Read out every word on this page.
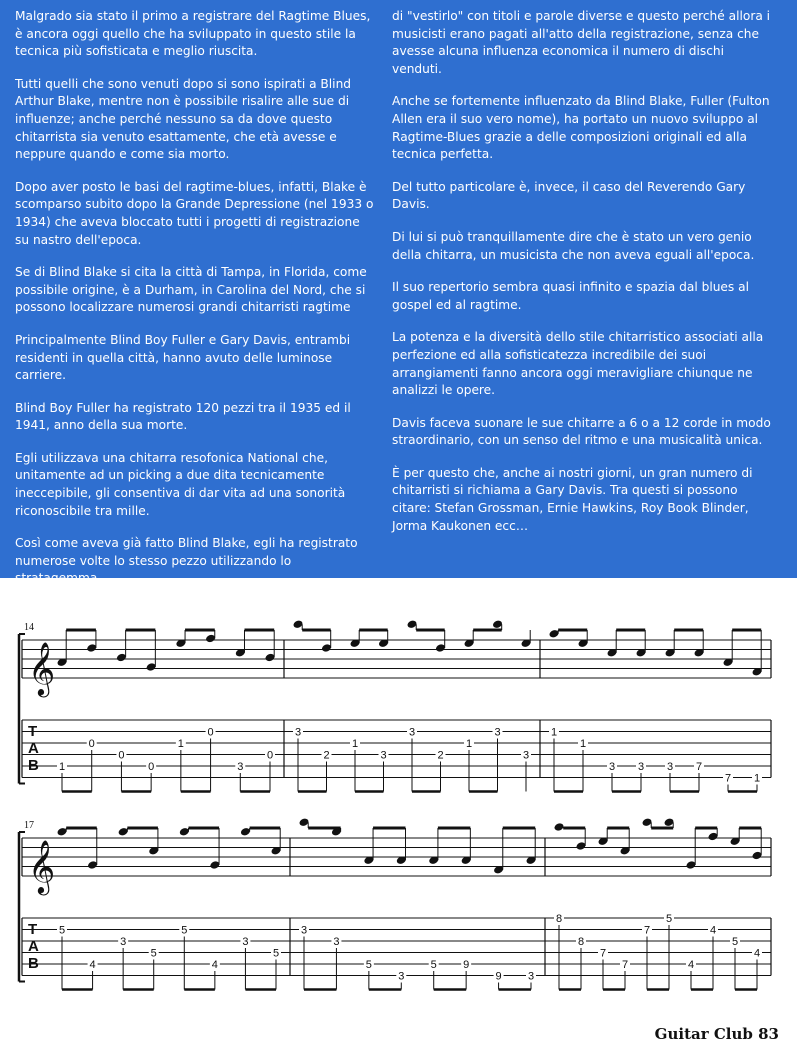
Malgrado sia stato il primo a registrare del Ragtime Blues, è ancora oggi quello che ha sviluppato in questo stile la tecnica più sofisticata e meglio riuscita.

Tutti quelli che sono venuti dopo si sono ispirati a Blind Arthur Blake, mentre non è possibile risalire alle sue di influenze; anche perché nessuno sa da dove questo chitarrista sia venuto esattamente, che età avesse e neppure quando e come sia morto.

Dopo aver posto le basi del ragtime-blues, infatti, Blake è scomparso subito dopo la Grande Depressione (nel 1933 o 1934) che aveva bloccato tutti i progetti di registrazione su nastro dell'epoca.

Se di Blind Blake si cita la città di Tampa, in Florida, come possibile origine, è a Durham, in Carolina del Nord, che si possono localizzare numerosi grandi chitarristi ragtime

Principalmente Blind Boy Fuller e Gary Davis, entrambi residenti in quella città, hanno avuto delle luminose carriere.

Blind Boy Fuller ha registrato 120 pezzi tra il 1935 ed il 1941, anno della sua morte.

Egli utilizzava una chitarra resofonica National che, unitamente ad un picking a due dita tecnicamente ineccepibile, gli consentiva di dar vita ad una sonorità riconoscibile tra mille.

Così come aveva già fatto Blind Blake, egli ha registrato numerose volte lo stesso pezzo utilizzando lo stratagemma

di "vestirlo" con titoli e parole diverse e questo perché allora i musicisti erano pagati all'atto della registrazione, senza che avesse alcuna influenza economica il numero di dischi venduti.

Anche se fortemente influenzato da Blind Blake, Fuller (Fulton Allen era il suo vero nome), ha portato un nuovo sviluppo al Ragtime-Blues grazie a delle composizioni originali ed alla tecnica perfetta.

Del tutto particolare è, invece, il caso del Reverendo Gary Davis.

Di lui si può tranquillamente dire che è stato un vero genio della chitarra, un musicista che non aveva eguali all'epoca.

Il suo repertorio sembra quasi infinito e spazia dal blues al gospel ed al ragtime.

La potenza e la diversità dello stile chitarristico associati alla perfezione ed alla sofisticatezza incredibile dei suoi arrangiamenti fanno ancora oggi meravigliare chiunque ne analizzi le opere.

Davis faceva suonare le sue chitarre a 6 o a 12 corde in modo straordinario, con un senso del ritmo e una musicalità unica.

È per questo che, anche ai nostri giorni, un gran numero di chitarristi si richiama a Gary Davis. Tra questi si possono citare: Stefan Grossman, Ernie Hawkins, Roy Book Blinder, Jorma Kaukonen ecc…

14
𝄞
T
A
B 1
0
0
0
1
0
3
0
3
2
1
3
3
2
1
3
3
1
1
3 3 3 7
7 1
17
𝄞
T
A
B
5
4
3
5
5
4
3
5
3
3
5
3
5 9
9 3
8
8
7
7
7
5
4
4
5
4
Guitar Club 83
